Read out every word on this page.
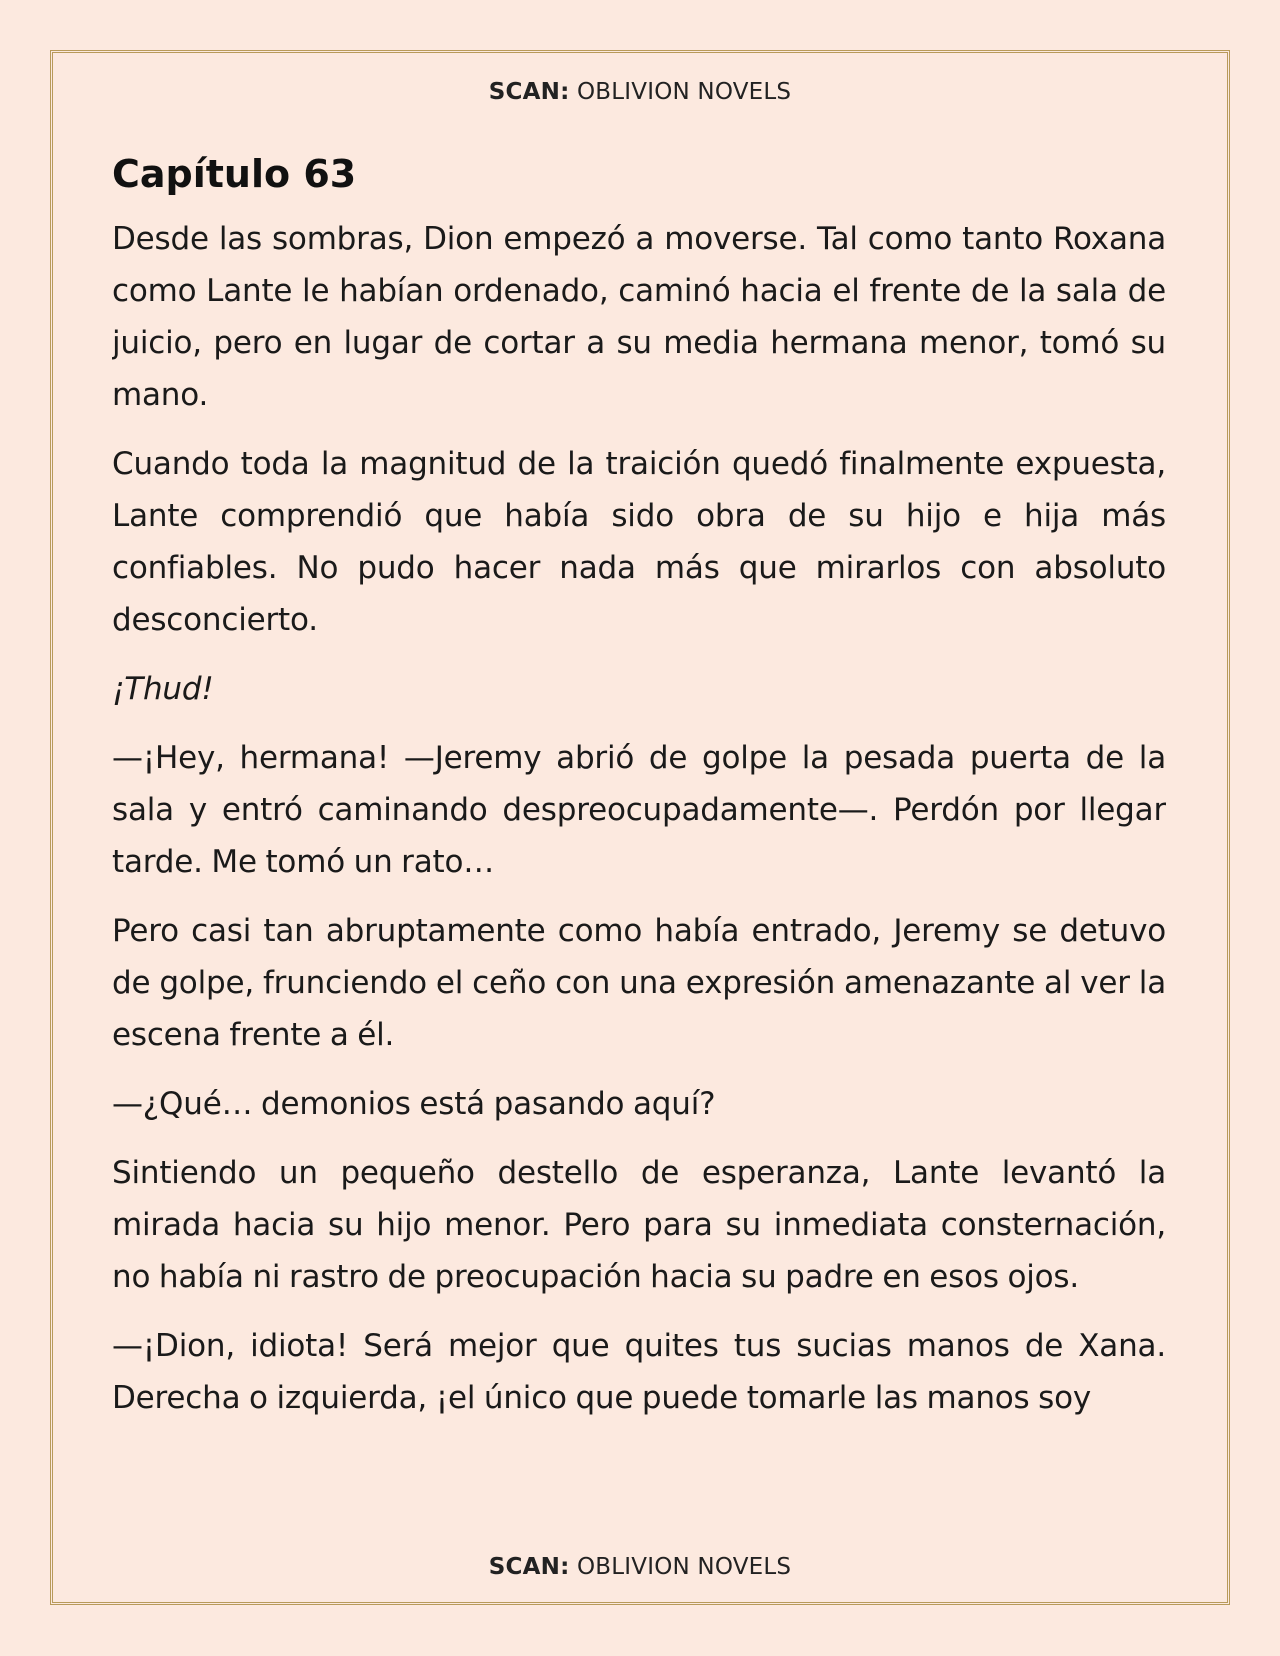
SCAN: OBLIVION NOVELS
SCAN: OBLIVION NOVELS
Capítulo 63

Desde las sombras, Dion empezó a moverse. Tal como tanto Roxana como Lante le habían ordenado, caminó hacia el frente de la sala de juicio, pero en lugar de cortar a su media hermana menor, tomó su mano.

Cuando toda la magnitud de la traición quedó finalmente expuesta, Lante comprendió que había sido obra de su hijo e hija más confiables. No pudo hacer nada más que mirarlos con absoluto desconcierto.

¡Thud!

—¡Hey, hermana! —Jeremy abrió de golpe la pesada puerta de la sala y entró caminando despreocupadamente—. Perdón por llegar tarde. Me tomó un rato…

Pero casi tan abruptamente como había entrado, Jeremy se detuvo de golpe, frunciendo el ceño con una expresión amenazante al ver la escena frente a él.

—¿Qué… demonios está pasando aquí?

Sintiendo un pequeño destello de esperanza, Lante levantó la mirada hacia su hijo menor. Pero para su inmediata consternación, no había ni rastro de preocupación hacia su padre en esos ojos.

—¡Dion, idiota! Será mejor que quites tus sucias manos de Xana. Derecha o izquierda, ¡el único que puede tomarle las manos soy
